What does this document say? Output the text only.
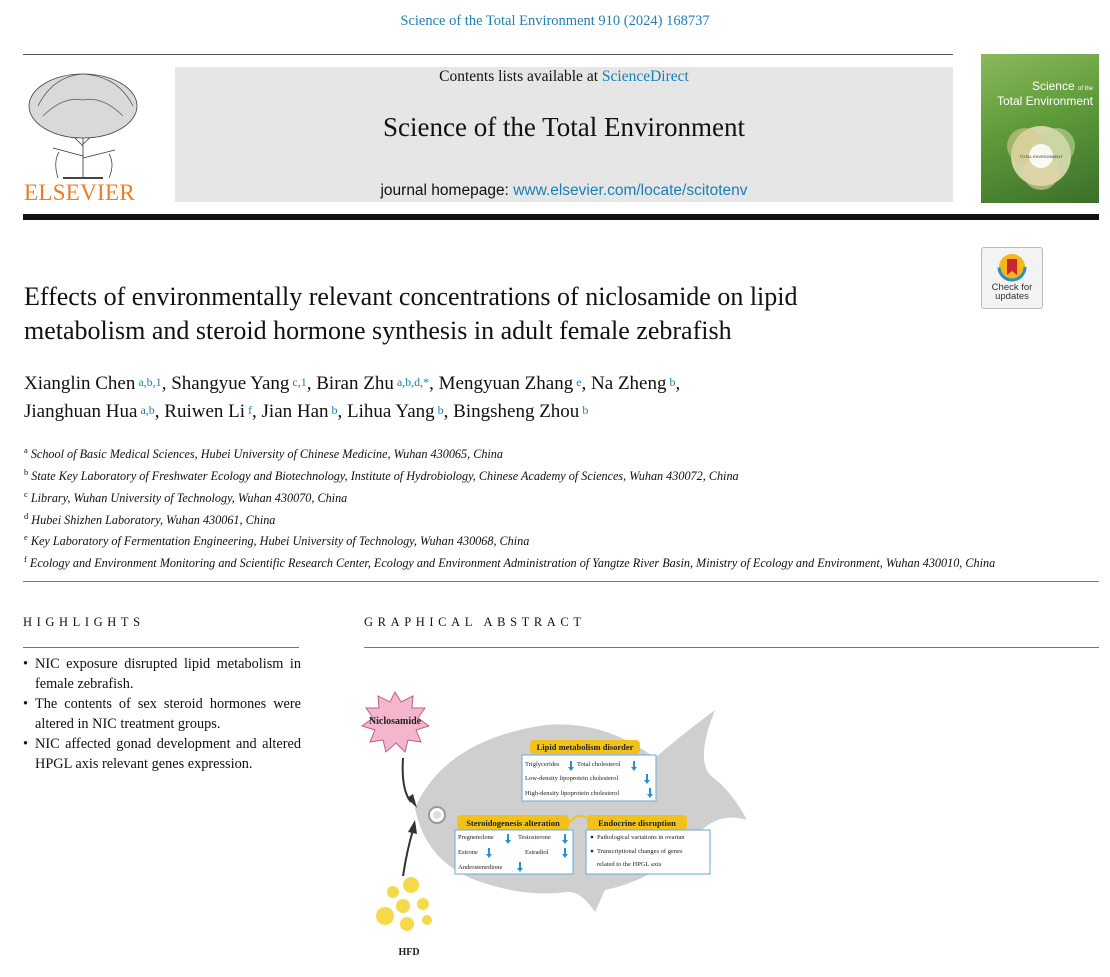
Science of the Total Environment 910 (2024) 168737
ELSEVIER
Contents lists available at ScienceDirect
Science of the Total Environment
journal homepage: www.elsevier.com/locate/scitotenv
Science of the
Total Environment
TOTAL ENVIRONMENT
Check for
updates
Effects of environmentally relevant concentrations of niclosamide on lipid
metabolism and steroid hormone synthesis in adult female zebrafish
Xianglin Chen $^{a,b,1}$, Shangyue Yang $^{c,1}$, Biran Zhu $^{a,b,d,*}$, Mengyuan Zhang $^e$, Na Zheng $^b$,
Jianghuan Hua $^{a,b}$, Ruiwen Li $^f$, Jian Han $^b$, Lihua Yang $^b$, Bingsheng Zhou $^b$
$^a$ School of Basic Medical Sciences, Hubei University of Chinese Medicine, Wuhan 430065, China
$^b$ State Key Laboratory of Freshwater Ecology and Biotechnology, Institute of Hydrobiology, Chinese Academy of Sciences, Wuhan 430072, China
$^c$ Library, Wuhan University of Technology, Wuhan 430070, China
$^d$ Hubei Shizhen Laboratory, Wuhan 430061, China
$^e$ Key Laboratory of Fermentation Engineering, Hubei University of Technology, Wuhan 430068, China
$^f$ Ecology and Environment Monitoring and Scientific Research Center, Ecology and Environment Administration of Yangtze River Basin, Ministry of Ecology and Environment, Wuhan 430010, China
HIGHLIGHTS
• NIC exposure disrupted lipid metabolism in female zebrafish.
• The contents of sex steroid hormones were altered in NIC treatment groups.
• NIC affected gonad development and altered HPGL axis relevant genes expression.
GRAPHICAL ABSTRACT
Niclosamide
HFD
Lipid metabolism disorder
Triglycerides	Total cholesterol
Low-density lipoprotein cholesterol
High-density lipoprotein cholesterol
Steroidogenesis alteration
Pregnenolone	Testosterone
Estrone	Estradiol
Androstenedione
Endocrine disruption
Pathological variations in ovarian
Transcriptional changes of genes related to the HPGL axis
